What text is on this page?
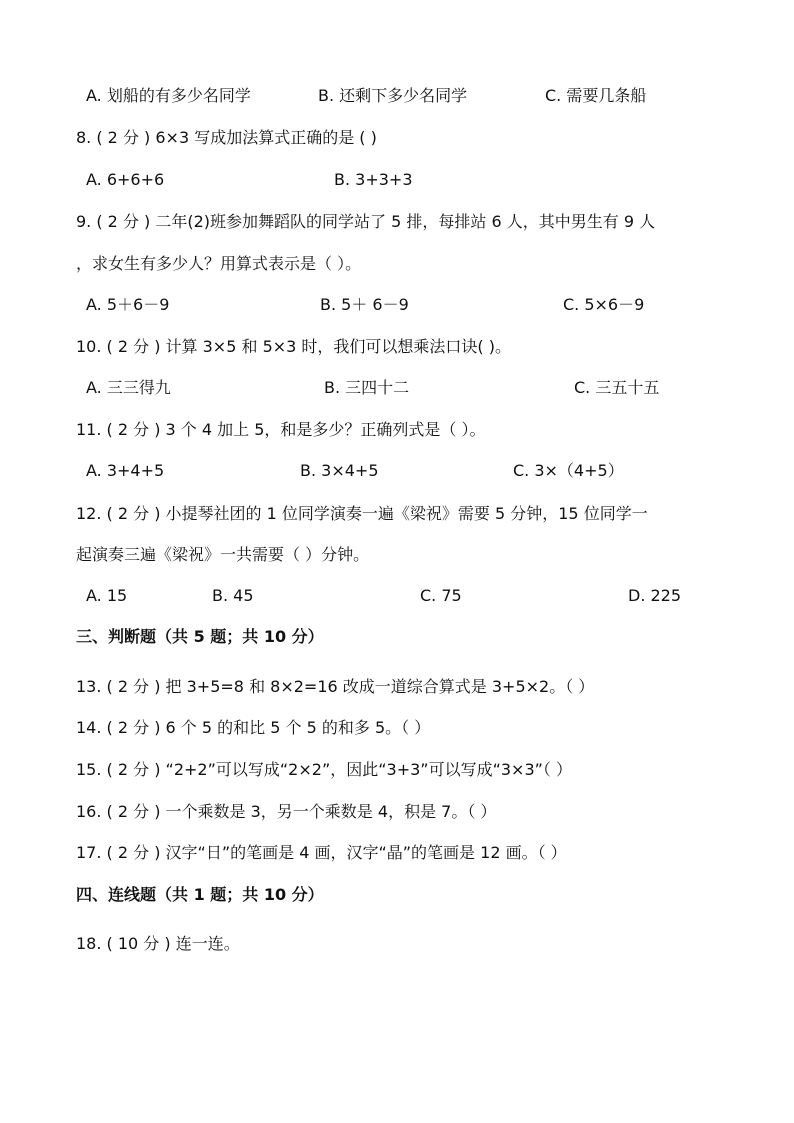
A. 划船的有多少名同学	B. 还剩下多少名同学	C. 需要几条船
8. ( 2 分 ) 6×3 写成加法算式正确的是 ( )
A. 6+6+6	B. 3+3+3
9. ( 2 分 ) 二年(2)班参加舞蹈队的同学站了 5 排，每排站 6 人，其中男生有 9 人
，求女生有多少人？用算式表示是（ ）。
A. 5＋6－9	B. 5＋ 6－9	C. 5×6－9
10. ( 2 分 ) 计算 3×5 和 5×3 时，我们可以想乘法口诀( )。
A. 三三得九	B. 三四十二	C. 三五十五
11. ( 2 分 ) 3 个 4 加上 5，和是多少？正确列式是（ ）。
A. 3+4+5	B. 3×4+5	C. 3×（4+5）
12. ( 2 分 ) 小提琴社团的 1 位同学演奏一遍《梁祝》需要 5 分钟，15 位同学一
起演奏三遍《梁祝》一共需要（ ）分钟。
A. 15	B. 45	C. 75	D. 225
三、判断题（共 5 题；共 10 分）
13. ( 2 分 ) 把 3+5=8 和 8×2=16 改成一道综合算式是 3+5×2。（ ）
14. ( 2 分 ) 6 个 5 的和比 5 个 5 的和多 5。（ ）
15. ( 2 分 ) “2+2”可以写成“2×2”，因此“3+3”可以写成“3×3”（ ）
16. ( 2 分 ) 一个乘数是 3，另一个乘数是 4，积是 7。（ ）
17. ( 2 分 ) 汉字“日”的笔画是 4 画，汉字“晶”的笔画是 12 画。（ ）
四、连线题（共 1 题；共 10 分）
18. ( 10 分 ) 连一连。
